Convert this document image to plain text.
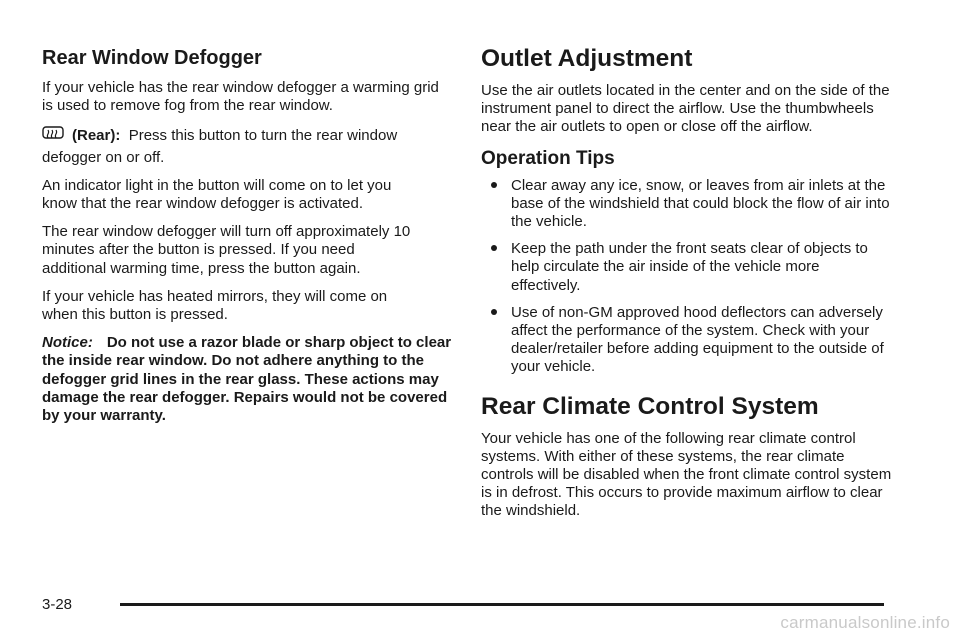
Rear Window Defogger

If your vehicle has the rear window defogger a warming grid is used to remove fog from the rear window.

(Rear): Press this button to turn the rear window
defogger on or off.

An indicator light in the button will come on to let you know that the rear window defogger is activated.

The rear window defogger will turn off approximately 10 minutes after the button is pressed. If you need additional warming time, press the button again.

If your vehicle has heated mirrors, they will come on when this button is pressed.

Notice: Do not use a razor blade or sharp object to clear the inside rear window. Do not adhere anything to the defogger grid lines in the rear glass. These actions may damage the rear defogger. Repairs would not be covered by your warranty.

Outlet Adjustment

Use the air outlets located in the center and on the side of the instrument panel to direct the airflow. Use the thumbwheels near the air outlets to open or close off the airflow.

Operation Tips
Clear away any ice, snow, or leaves from air inlets at the base of the windshield that could block the flow of air into the vehicle.
Keep the path under the front seats clear of objects to help circulate the air inside of the vehicle more effectively.
Use of non-GM approved hood deflectors can adversely affect the performance of the system. Check with your dealer/retailer before adding equipment to the outside of your vehicle.
Rear Climate Control System

Your vehicle has one of the following rear climate control systems. With either of these systems, the rear climate controls will be disabled when the front climate control system is in defrost. This occurs to provide maximum airflow to clear the windshield.

3-28
carmanualsonline.info
